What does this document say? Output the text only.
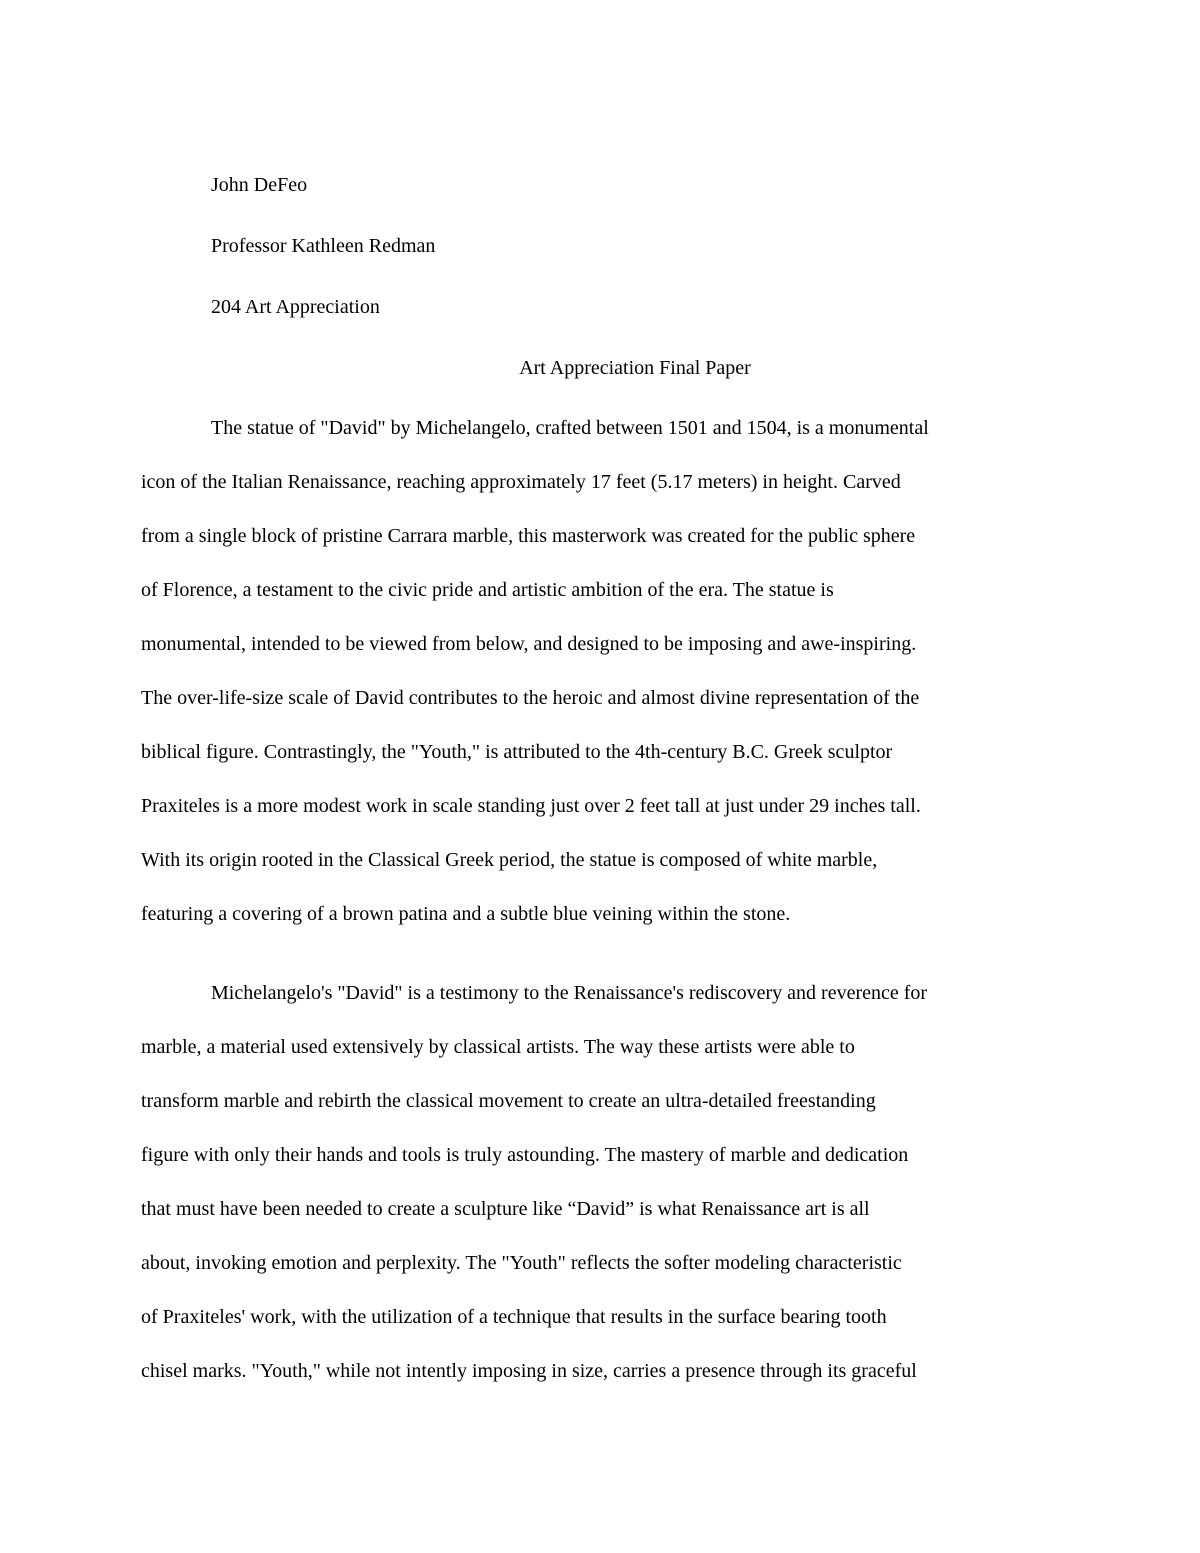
John DeFeo
Professor Kathleen Redman
204 Art Appreciation
Art Appreciation Final Paper
The statue of "David" by Michelangelo, crafted between 1501 and 1504, is a monumental
icon of the Italian Renaissance, reaching approximately 17 feet (5.17 meters) in height. Carved
from a single block of pristine Carrara marble, this masterwork was created for the public sphere
of Florence, a testament to the civic pride and artistic ambition of the era. The statue is
monumental, intended to be viewed from below, and designed to be imposing and awe-inspiring.
The over-life-size scale of David contributes to the heroic and almost divine representation of the
biblical figure. Contrastingly, the "Youth," is attributed to the 4th-century B.C. Greek sculptor
Praxiteles is a more modest work in scale standing just over 2 feet tall at just under 29 inches tall.
With its origin rooted in the Classical Greek period, the statue is composed of white marble,
featuring a covering of a brown patina and a subtle blue veining within the stone.
Michelangelo's "David" is a testimony to the Renaissance's rediscovery and reverence for
marble, a material used extensively by classical artists. The way these artists were able to
transform marble and rebirth the classical movement to create an ultra-detailed freestanding
figure with only their hands and tools is truly astounding. The mastery of marble and dedication
that must have been needed to create a sculpture like “David” is what Renaissance art is all
about, invoking emotion and perplexity. The "Youth" reflects the softer modeling characteristic
of Praxiteles' work, with the utilization of a technique that results in the surface bearing tooth
chisel marks. "Youth," while not intently imposing in size, carries a presence through its graceful
